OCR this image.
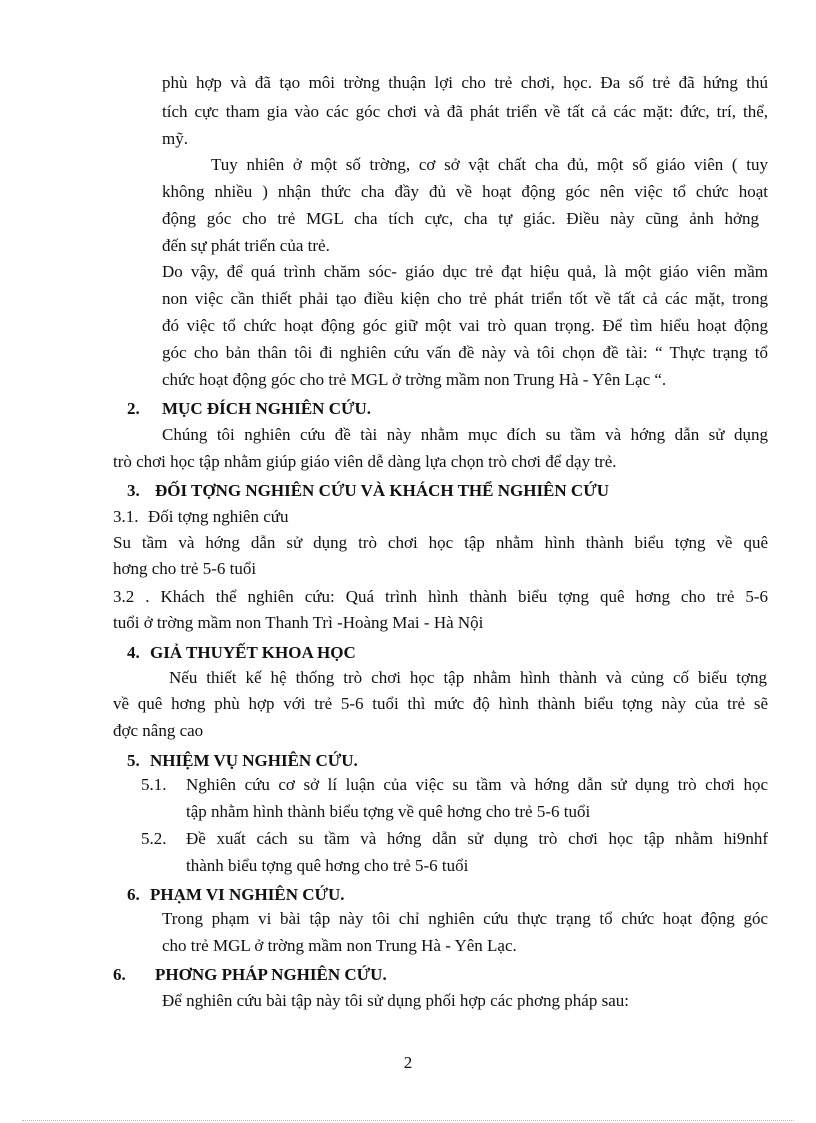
phù hợp và đã tạo môi trờng thuận lợi cho trẻ chơi, học. Đa số trẻ đã hứng thú
tích cực tham gia vào các góc chơi và đã phát triển về tất cả các mặt: đức, trí, thể,
mỹ.
Tuy nhiên ở một số trờng, cơ sở vật chất cha đủ, một số giáo viên ( tuy
không nhiều ) nhận thức cha đầy đủ về hoạt động góc nên việc tổ chức hoạt
động góc cho trẻ MGL cha tích cực, cha tự giác. Điều này cũng ảnh hởng
đến sự phát triển của trẻ.
Do vậy, để quá trình chăm sóc- giáo dục trẻ đạt hiệu quả, là một giáo viên mầm
non việc cần thiết phải tạo điều kiện cho trẻ phát triển tốt về tất cả các mặt, trong
đó việc tổ chức hoạt động góc giữ một vai trò quan trọng. Để tìm hiểu hoạt động
góc cho bản thân tôi đi nghiên cứu vấn đề này và tôi chọn đề tài: “ Thực trạng tổ
chức hoạt động góc cho trẻ MGL ở trờng mầm non Trung Hà - Yên Lạc “.
2. MỤC ĐÍCH NGHIÊN CỨU.
Chúng tôi nghiên cứu đề tài này nhằm mục đích su tầm và hớng dẫn sử dụng
trò chơi học tập nhằm giúp giáo viên dễ dàng lựa chọn trò chơi để dạy trẻ.
3. ĐỐI TỢNG NGHIÊN CỨU VÀ KHÁCH THỂ NGHIÊN CỨU
3.1. Đối tợng nghiên cứu
Su tầm và hớng dẫn sử dụng trò chơi học tập nhằm hình thành biểu tợng về quê
hơng cho trẻ 5-6 tuổi
3.2 . Khách thể nghiên cứu: Quá trình hình thành biểu tợng quê hơng cho trẻ 5-6
tuổi ở trờng mầm non Thanh Trì -Hoàng Mai - Hà Nội
4. GIẢ THUYẾT KHOA HỌC
Nếu thiết kế hệ thống trò chơi học tập nhằm hình thành và củng cố biểu tợng
về quê hơng phù hợp với trẻ 5-6 tuổi thì mức độ hình thành biểu tợng này của trẻ sẽ
đợc nâng cao
5. NHIỆM VỤ NGHIÊN CỨU.
5.1. Nghiên cứu cơ sở lí luận của việc su tầm và hớng dẫn sử dụng trò chơi học
tập nhằm hình thành biểu tợng về quê hơng cho trẻ 5-6 tuổi
5.2. Đề xuất cách su tầm và hớng dẫn sử dụng trò chơi học tập nhằm hi9nhf
thành biểu tợng quê hơng cho trẻ 5-6 tuổi
6. PHẠM VI NGHIÊN CỨU.
Trong phạm vi bài tập này tôi chỉ nghiên cứu thực trạng tổ chức hoạt động góc
cho trẻ MGL ở trờng mầm non Trung Hà - Yên Lạc.
6. PHƠNG PHÁP NGHIÊN CỨU.
Để nghiên cứu bài tập này tôi sử dụng phối hợp các phơng pháp sau:
2
